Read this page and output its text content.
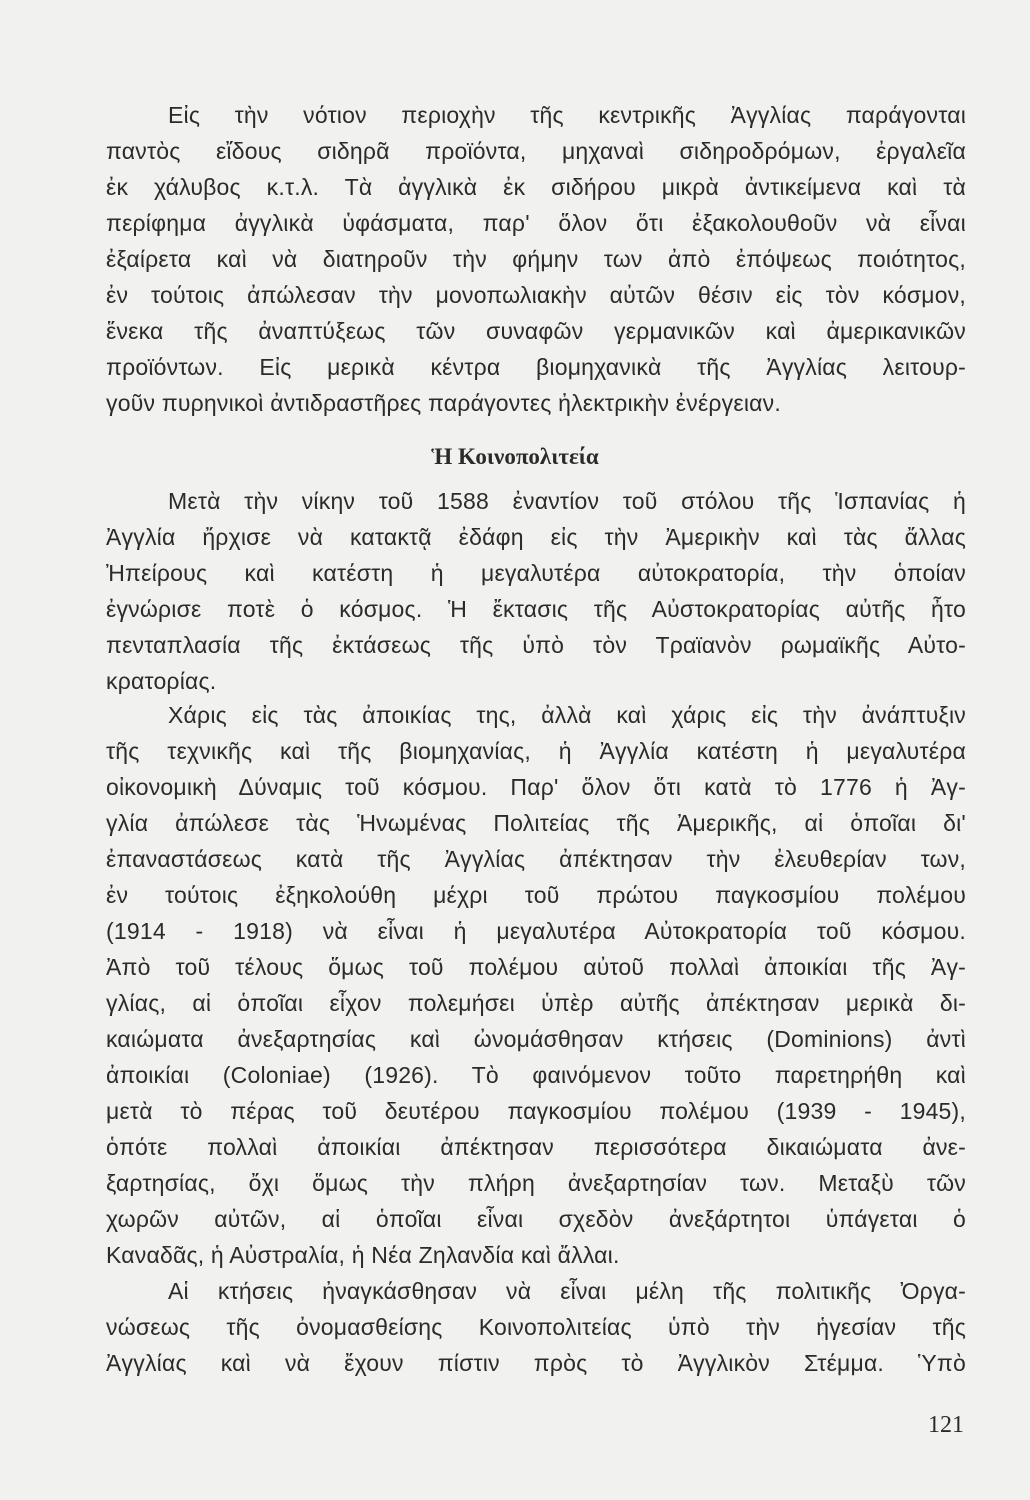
Εἰς τὴν νότιον περιοχὴν τῆς κεντρικῆς Ἀγγλίας παράγονται
παντὸς εἴδους σιδηρᾶ προϊόντα, μηχαναὶ σιδηροδρόμων, ἐργαλεῖα
ἐκ χάλυβος κ.τ.λ. Τὰ ἀγγλικὰ ἐκ σιδήρου μικρὰ ἀντικείμενα καὶ τὰ
περίφημα ἀγγλικὰ ὑφάσματα, παρ' ὅλον ὅτι ἐξακολουθοῦν νὰ εἶναι
ἐξαίρετα καὶ νὰ διατηροῦν τὴν φήμην των ἀπὸ ἐπόψεως ποιότητος,
ἐν τούτοις ἀπώλεσαν τὴν μονοπωλιακὴν αὐτῶν θέσιν εἰς τὸν κόσμον,
ἕνεκα τῆς ἀναπτύξεως τῶν συναφῶν γερμανικῶν καὶ ἀμερικανικῶν
προϊόντων. Εἰς μερικὰ κέντρα βιομηχανικὰ τῆς Ἀγγλίας λειτουρ-
γοῦν πυρηνικοὶ ἀντιδραστῆρες παράγοντες ἠλεκτρικὴν ἐνέργειαν.
Ἡ Κοινοπολιτεία
Μετὰ τὴν νίκην τοῦ 1588 ἐναντίον τοῦ στόλου τῆς Ἱσπανίας ἡ
Ἀγγλία ἤρχισε νὰ κατακτᾷ ἐδάφη εἰς τὴν Ἀμερικὴν καὶ τὰς ἄλλας
Ἠπείρους καὶ κατέστη ἡ μεγαλυτέρα αὐτοκρατορία, τὴν ὁποίαν
ἐγνώρισε ποτὲ ὁ κόσμος. Ἡ ἔκτασις τῆς Αὐστοκρατορίας αὐτῆς ἦτο
πενταπλασία τῆς ἐκτάσεως τῆς ὑπὸ τὸν Τραϊανὸν ρωμαϊκῆς Αὐτο-
κρατορίας.
Χάρις εἰς τὰς ἀποικίας της, ἀλλὰ καὶ χάρις εἰς τὴν ἀνάπτυξιν
τῆς τεχνικῆς καὶ τῆς βιομηχανίας, ἡ Ἀγγλία κατέστη ἡ μεγαλυτέρα
οἰκονομικὴ Δύναμις τοῦ κόσμου. Παρ' ὅλον ὅτι κατὰ τὸ 1776 ἡ Ἀγ-
γλία ἀπώλεσε τὰς Ἡνωμένας Πολιτείας τῆς Ἀμερικῆς, αἱ ὁποῖαι δι'
ἐπαναστάσεως κατὰ τῆς Ἀγγλίας ἀπέκτησαν τὴν ἐλευθερίαν των,
ἐν τούτοις ἐξηκολούθη μέχρι τοῦ πρώτου παγκοσμίου πολέμου
(1914 - 1918) νὰ εἶναι ἡ μεγαλυτέρα Αὐτοκρατορία τοῦ κόσμου.
Ἀπὸ τοῦ τέλους ὅμως τοῦ πολέμου αὐτοῦ πολλαὶ ἀποικίαι τῆς Ἀγ-
γλίας, αἱ ὁποῖαι εἶχον πολεμήσει ὑπὲρ αὐτῆς ἀπέκτησαν μερικὰ δι-
καιώματα ἀνεξαρτησίας καὶ ὠνομάσθησαν κτήσεις (Dominions) ἀντὶ
ἀποικίαι (Coloniae) (1926). Τὸ φαινόμενον τοῦτο παρετηρήθη καὶ
μετὰ τὸ πέρας τοῦ δευτέρου παγκοσμίου πολέμου (1939 - 1945),
ὁπότε πολλαὶ ἀποικίαι ἀπέκτησαν περισσότερα δικαιώματα ἀνε-
ξαρτησίας, ὄχι ὅμως τὴν πλήρη ἀνεξαρτησίαν των. Μεταξὺ τῶν
χωρῶν αὐτῶν, αἱ ὁποῖαι εἶναι σχεδὸν ἀνεξάρτητοι ὑπάγεται ὁ
Καναδᾶς, ἡ Αὐστραλία, ἡ Νέα Ζηλανδία καὶ ἄλλαι.
Αἱ κτήσεις ἠναγκάσθησαν νὰ εἶναι μέλη τῆς πολιτικῆς Ὀργα-
νώσεως τῆς ὀνομασθείσης Κοινοπολιτείας ὑπὸ τὴν ἡγεσίαν τῆς
Ἀγγλίας καὶ νὰ ἔχουν πίστιν πρὸς τὸ Ἀγγλικὸν Στέμμα. Ὑπὸ
121
